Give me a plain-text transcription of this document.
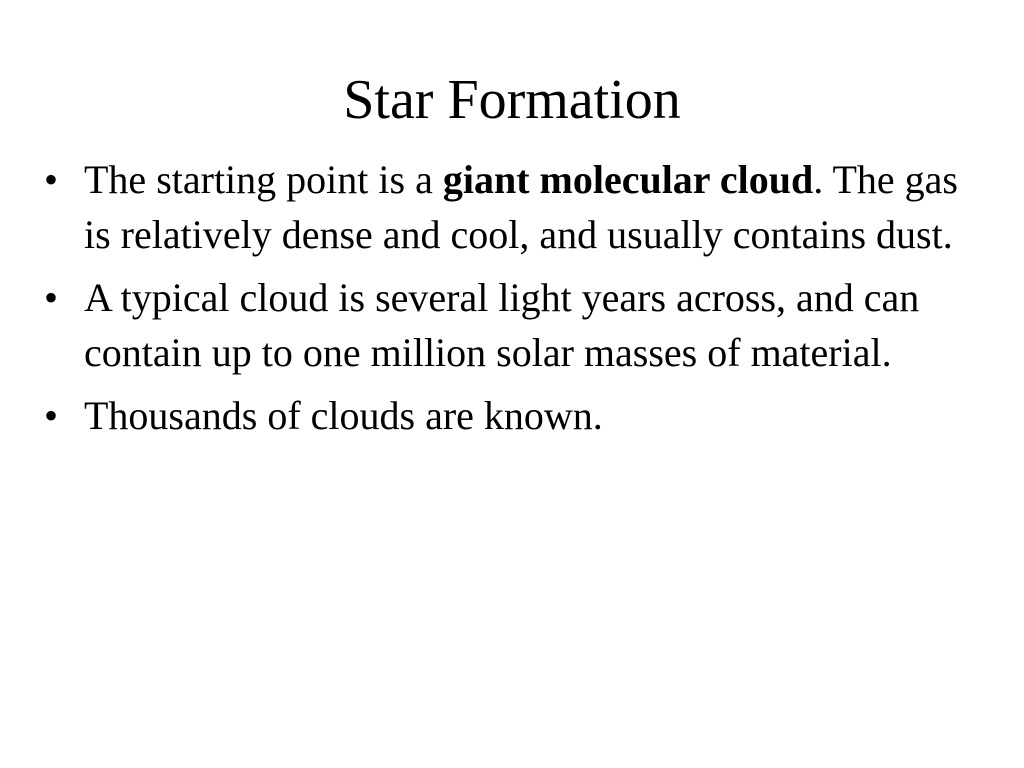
Star Formation
• The starting point is a giant molecular cloud. The gas is relatively dense and cool, and usually contains dust.
• A typical cloud is several light years across, and can contain up to one million solar masses of material.
• Thousands of clouds are known.
